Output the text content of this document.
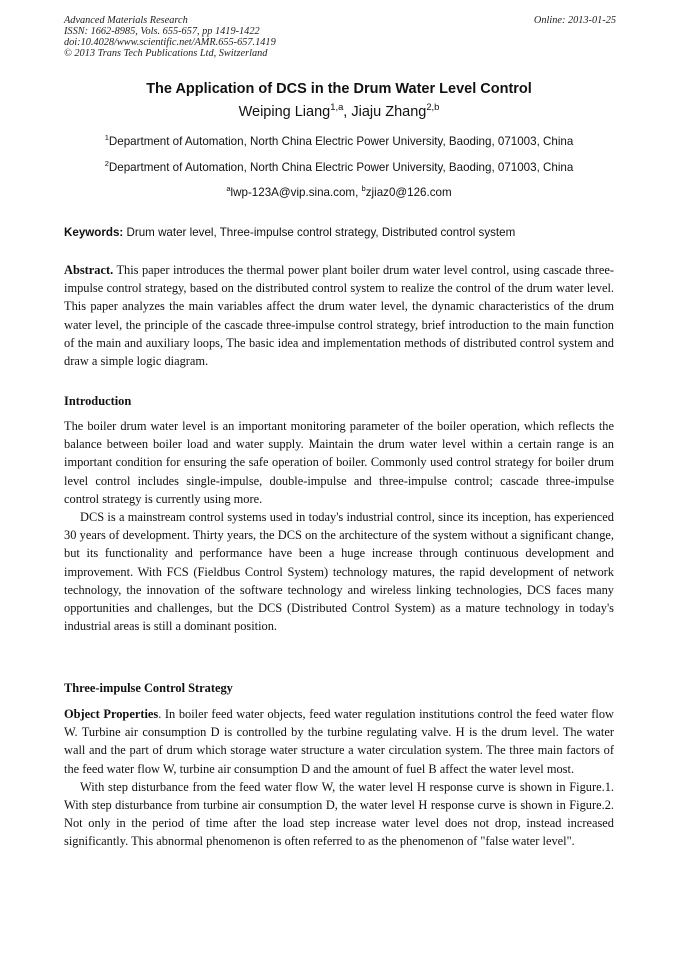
Advanced Materials Research
ISSN: 1662-8985, Vols. 655-657, pp 1419-1422
doi:10.4028/www.scientific.net/AMR.655-657.1419
© 2013 Trans Tech Publications Ltd, Switzerland
Online: 2013-01-25
The Application of DCS in the Drum Water Level Control
Weiping Liang$^{1,a}$, Jiaju Zhang$^{2,b}$
$^1$Department of Automation, North China Electric Power University, Baoding, 071003, China
$^2$Department of Automation, North China Electric Power University, Baoding, 071003, China
$^a$lwp-123A@vip.sina.com, $^b$zjiaz0@126.com
Keywords: Drum water level, Three-impulse control strategy, Distributed control system

Abstract. This paper introduces the thermal power plant boiler drum water level control, using cascade three-impulse control strategy, based on the distributed control system to realize the control of the drum water level. This paper analyzes the main variables affect the drum water level, the dynamic characteristics of the drum water level, the principle of the cascade three-impulse control strategy, brief introduction to the main function of the main and auxiliary loops, The basic idea and implementation methods of distributed control system and draw a simple logic diagram.

Introduction

The boiler drum water level is an important monitoring parameter of the boiler operation, which reflects the balance between boiler load and water supply. Maintain the drum water level within a certain range is an important condition for ensuring the safe operation of boiler. Commonly used control strategy for boiler drum level control includes single-impulse, double-impulse and three-impulse control; cascade three-impulse control strategy is currently using more.

DCS is a mainstream control systems used in today's industrial control, since its inception, has experienced 30 years of development. Thirty years, the DCS on the architecture of the system without a significant change, but its functionality and performance have been a huge increase through continuous development and improvement. With FCS (Fieldbus Control System) technology matures, the rapid development of network technology, the innovation of the software technology and wireless linking technologies, DCS faces many opportunities and challenges, but the DCS (Distributed Control System) as a mature technology in today's industrial areas is still a dominant position.

Three-impulse Control Strategy

Object Properties. In boiler feed water objects, feed water regulation institutions control the feed water flow W. Turbine air consumption D is controlled by the turbine regulating valve. H is the drum level. The water wall and the part of drum which storage water structure a water circulation system. The three main factors of the feed water flow W, turbine air consumption D and the amount of fuel B affect the water level most.

With step disturbance from the feed water flow W, the water level H response curve is shown in Figure.1. With step disturbance from turbine air consumption D, the water level H response curve is shown in Figure.2. Not only in the period of time after the load step increase water level does not drop, instead increased significantly. This abnormal phenomenon is often referred to as the phenomenon of "false water level".
